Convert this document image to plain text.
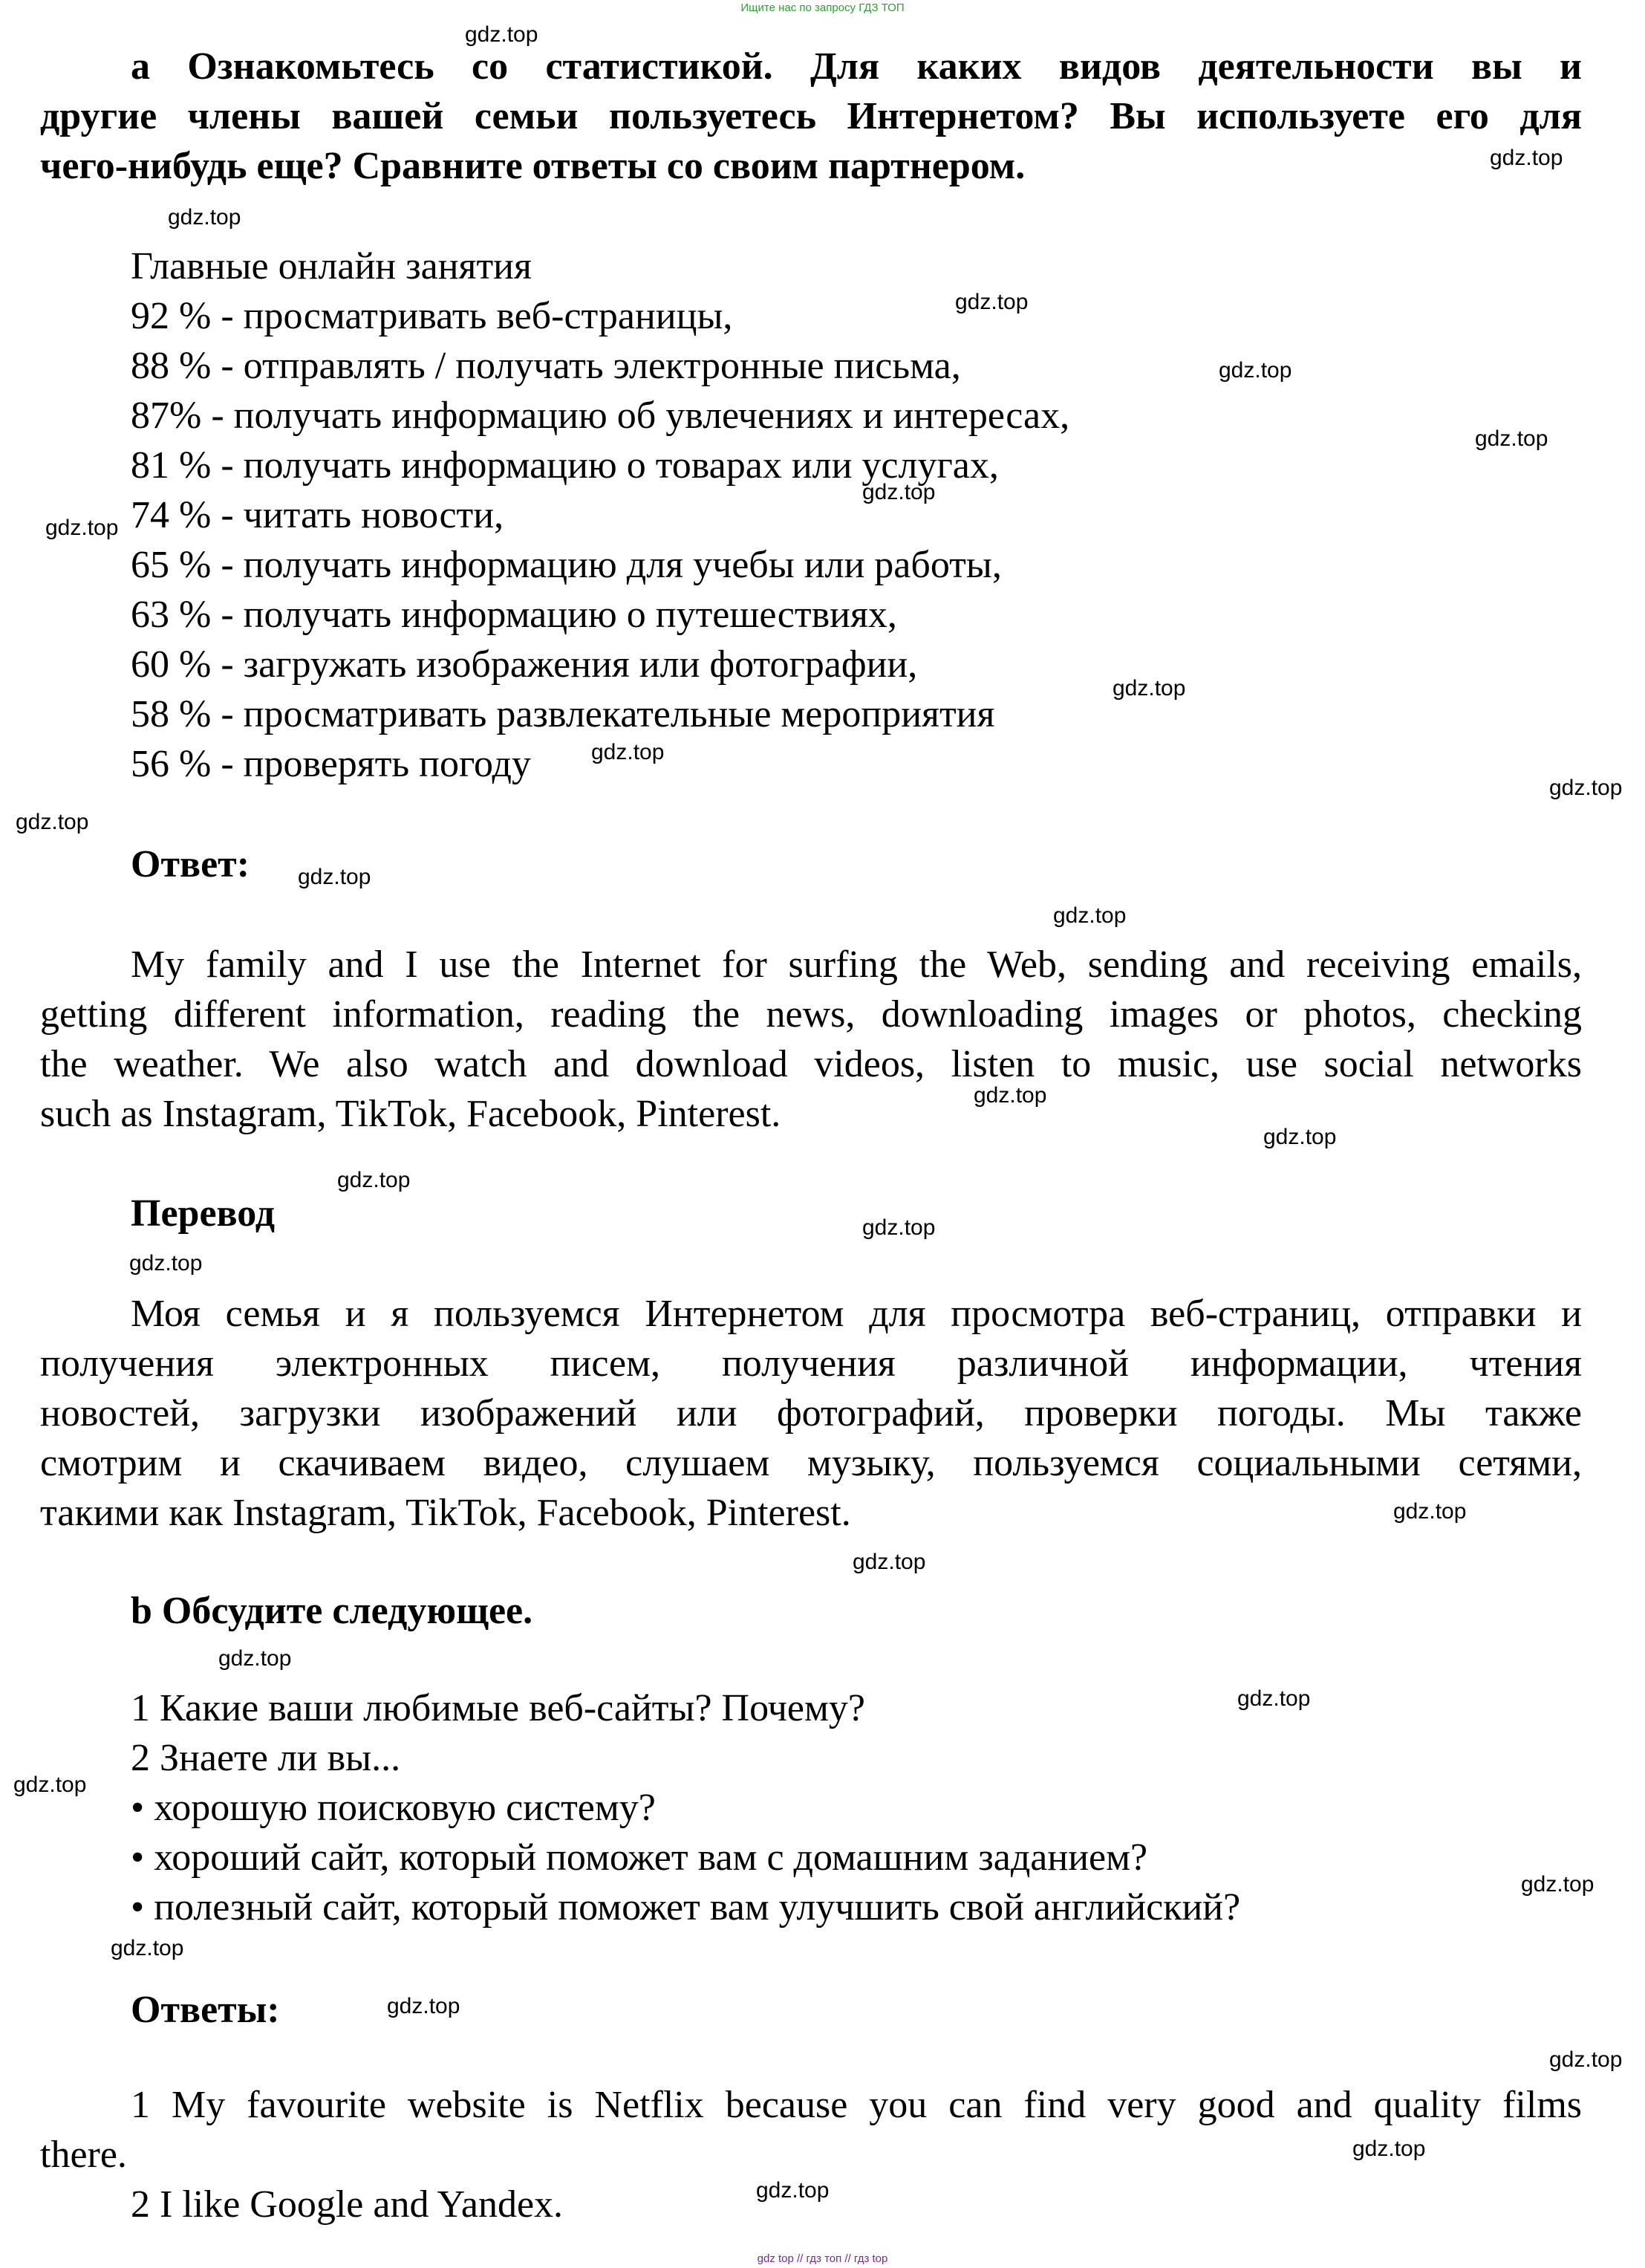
Ищите нас по запросу ГДЗ ТОП
a Ознакомьтесь со статистикой. Для каких видов деятельности вы и
другие члены вашей семьи пользуетесь Интернетом? Вы используете его для
чего-нибудь еще? Сравните ответы со своим партнером.
Главные онлайн занятия
92 % - просматривать веб-страницы,
88 % - отправлять / получать электронные письма,
87% - получать информацию об увлечениях и интересах,
81 % - получать информацию о товарах или услугах,
74 % - читать новости,
65 % - получать информацию для учебы или работы,
63 % - получать информацию о путешествиях,
60 % - загружать изображения или фотографии,
58 % - просматривать развлекательные мероприятия
56 % - проверять погоду
Ответ:
My family and I use the Internet for surfing the Web, sending and receiving emails,
getting different information, reading the news, downloading images or photos, checking
the weather. We also watch and download videos, listen to music, use social networks
such as Instagram, TikTok, Facebook, Pinterest.
Перевод
Моя семья и я пользуемся Интернетом для просмотра веб-страниц, отправки и
получения электронных писем, получения различной информации, чтения
новостей, загрузки изображений или фотографий, проверки погоды. Мы также
смотрим и скачиваем видео, слушаем музыку, пользуемся социальными сетями,
такими как Instagram, TikTok, Facebook, Pinterest.
b Обсудите следующее.
1 Какие ваши любимые веб-сайты? Почему?
2 Знаете ли вы...
• хорошую поисковую систему?
• хороший сайт, который поможет вам с домашним заданием?
• полезный сайт, который поможет вам улучшить свой английский?
Ответы:
1 My favourite website is Netflix because you can find very good and quality films
there.
2 I like Google and Yandex.
gdz.top
gdz.top
gdz.top
gdz.top
gdz.top
gdz.top
gdz.top
gdz.top
gdz.top
gdz.top
gdz.top
gdz.top
gdz.top
gdz.top
gdz.top
gdz.top
gdz.top
gdz.top
gdz.top
gdz.top
gdz.top
gdz.top
gdz.top
gdz.top
gdz.top
gdz.top
gdz.top
gdz.top
gdz.top
gdz.top
gdz top // гдз топ // гдз top
